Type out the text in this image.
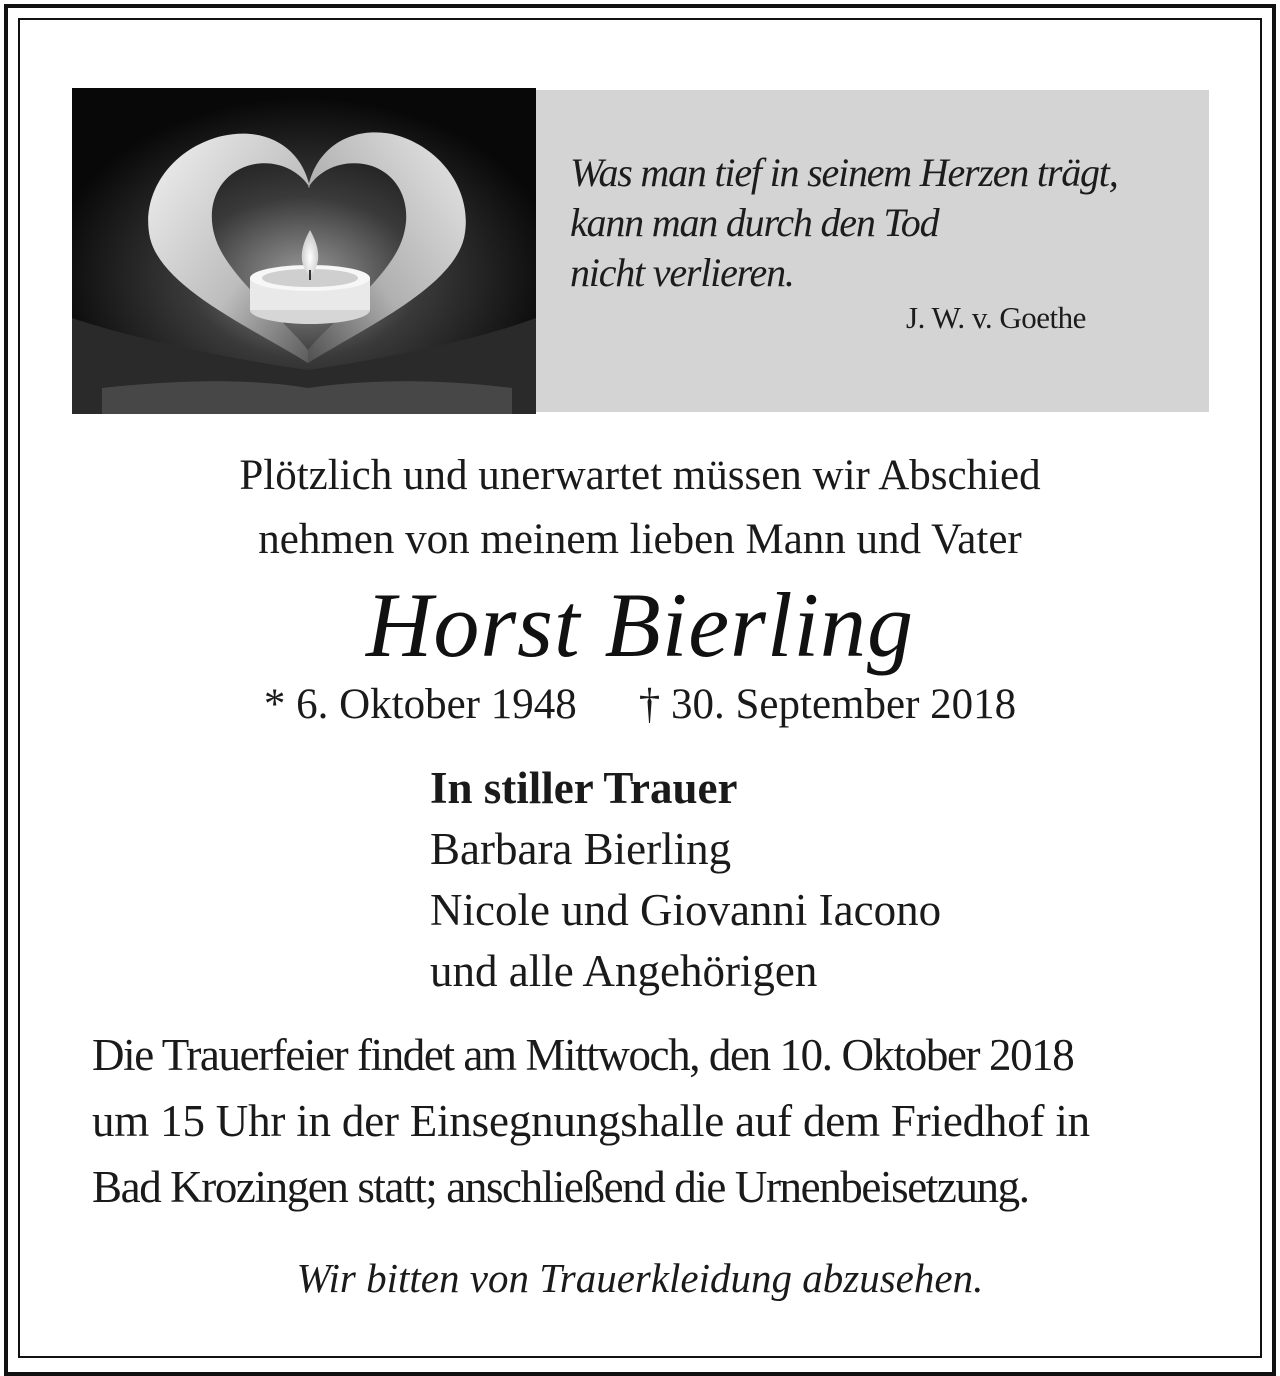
Was man tief in seinem Herzen trägt,
kann man durch den Tod
nicht verlieren.
J. W. v. Goethe
Plötzlich und unerwartet müssen wir Abschied
nehmen von meinem lieben Mann und Vater
Horst Bierling
* 6. Oktober 1948 † 30. September 2018
In stiller Trauer
Barbara Bierling
Nicole und Giovanni Iacono
und alle Angehörigen
Die Trauerfeier findet am Mittwoch, den 10. Oktober 2018
um 15 Uhr in der Einsegnungshalle auf dem Friedhof in
Bad Krozingen statt; anschließend die Urnenbeisetzung.
Wir bitten von Trauerkleidung abzusehen.
